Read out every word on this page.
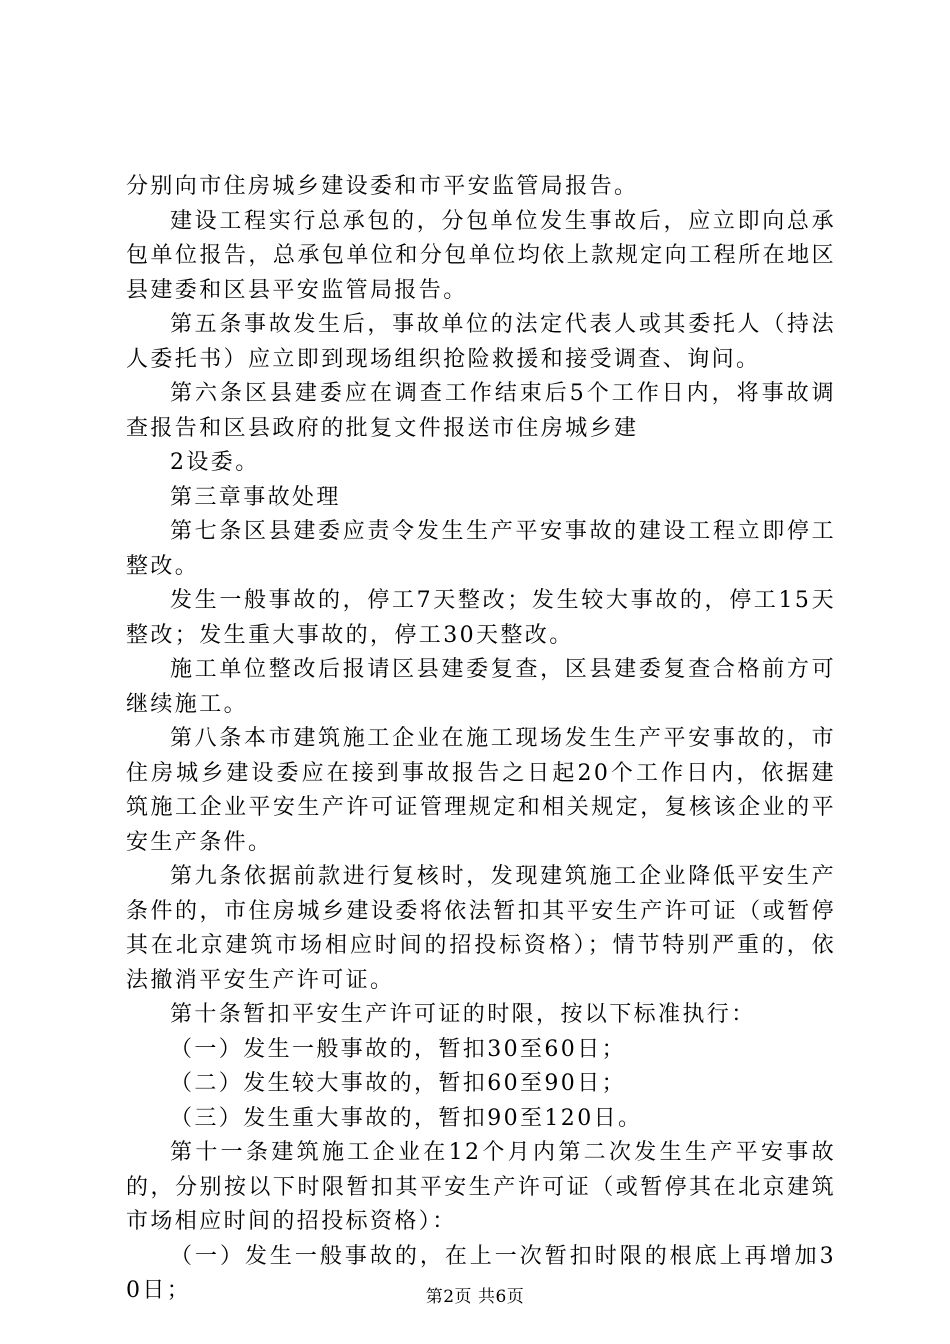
分别向市住房城乡建设委和市平安监管局报告。

建设工程实行总承包的，分包单位发生事故后，应立即向总承包单位报告，总承包单位和分包单位均依上款规定向工程所在地区县建委和区县平安监管局报告。

第五条事故发生后，事故单位的法定代表人或其委托人（持法人委托书）应立即到现场组织抢险救援和接受调查、询问。

第六条区县建委应在调查工作结束后5个工作日内，将事故调查报告和区县政府的批复文件报送市住房城乡建

2设委。

第三章事故处理

第七条区县建委应责令发生生产平安事故的建设工程立即停工整改。

发生一般事故的，停工7天整改；发生较大事故的，停工15天整改；发生重大事故的，停工30天整改。

施工单位整改后报请区县建委复查，区县建委复查合格前方可继续施工。

第八条本市建筑施工企业在施工现场发生生产平安事故的，市住房城乡建设委应在接到事故报告之日起20个工作日内，依据建筑施工企业平安生产许可证管理规定和相关规定，复核该企业的平安生产条件。

第九条依据前款进行复核时，发现建筑施工企业降低平安生产条件的，市住房城乡建设委将依法暂扣其平安生产许可证（或暂停其在北京建筑市场相应时间的招投标资格）；情节特别严重的，依法撤消平安生产许可证。

第十条暂扣平安生产许可证的时限，按以下标准执行：

（一）发生一般事故的，暂扣30至60日；

（二）发生较大事故的，暂扣60至90日；

（三）发生重大事故的，暂扣90至120日。

第十一条建筑施工企业在12个月内第二次发生生产平安事故的，分别按以下时限暂扣其平安生产许可证（或暂停其在北京建筑市场相应时间的招投标资格）：

（一）发生一般事故的，在上一次暂扣时限的根底上再增加30日；	第2页 共6页
